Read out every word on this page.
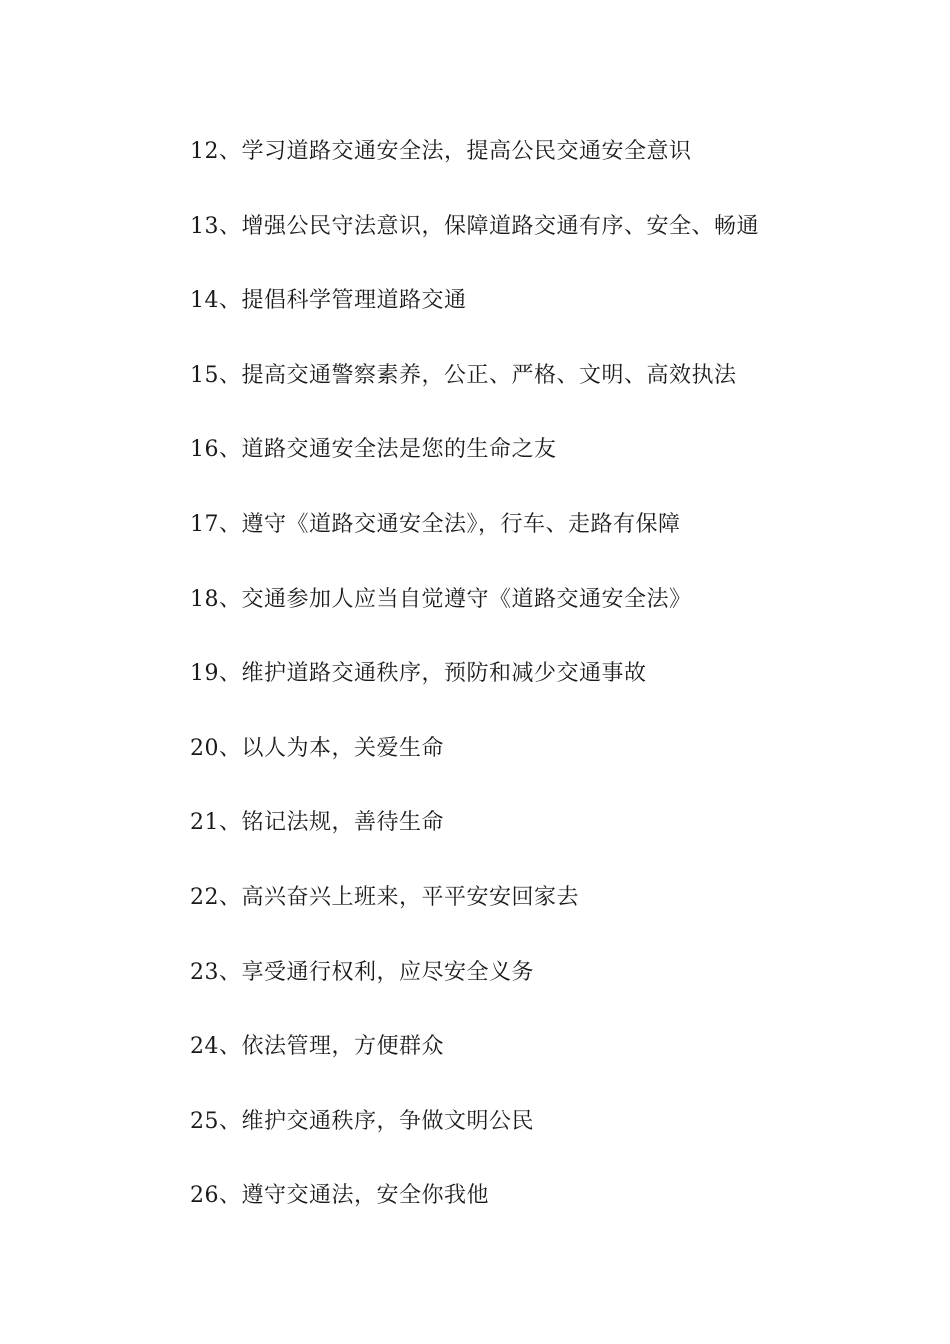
12、学习道路交通安全法，提高公民交通安全意识
13、增强公民守法意识，保障道路交通有序、安全、畅通
14、提倡科学管理道路交通
15、提高交通警察素养，公正、严格、文明、高效执法
16、道路交通安全法是您的生命之友
17、遵守《道路交通安全法》，行车、走路有保障
18、交通参加人应当自觉遵守《道路交通安全法》
19、维护道路交通秩序，预防和减少交通事故
20、以人为本，关爱生命
21、铭记法规，善待生命
22、高兴奋兴上班来，平平安安回家去
23、享受通行权利，应尽安全义务
24、依法管理，方便群众
25、维护交通秩序，争做文明公民
26、遵守交通法，安全你我他
